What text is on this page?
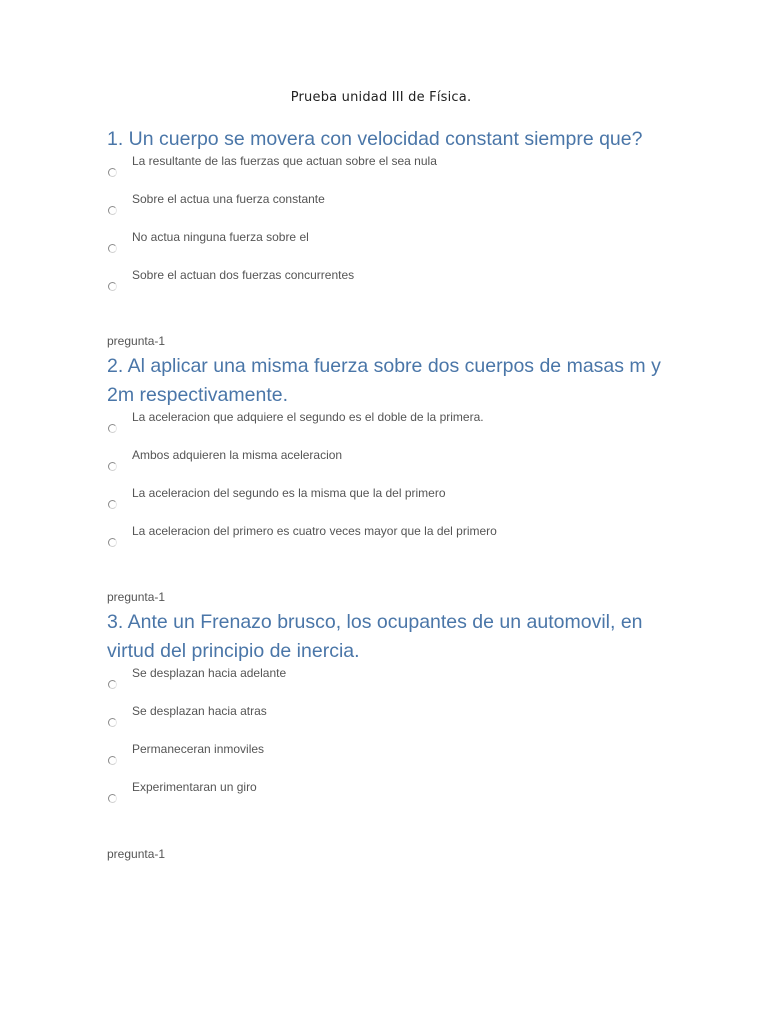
Prueba unidad III de Física.
1. Un cuerpo se movera con velocidad constant siempre que?
La resultante de las fuerzas que actuan sobre el sea nula
Sobre el actua una fuerza constante
No actua ninguna fuerza sobre el
Sobre el actuan dos fuerzas concurrentes
pregunta-1
2. Al aplicar una misma fuerza sobre dos cuerpos de masas m y 2m respectivamente.
La aceleracion que adquiere el segundo es el doble de la primera.
Ambos adquieren la misma aceleracion
La aceleracion del segundo es la misma que la del primero
La aceleracion del primero es cuatro veces mayor que la del primero
pregunta-1
3. Ante un Frenazo brusco, los ocupantes de un automovil, en virtud del principio de inercia.
Se desplazan hacia adelante
Se desplazan hacia atras
Permaneceran inmoviles
Experimentaran un giro
pregunta-1
